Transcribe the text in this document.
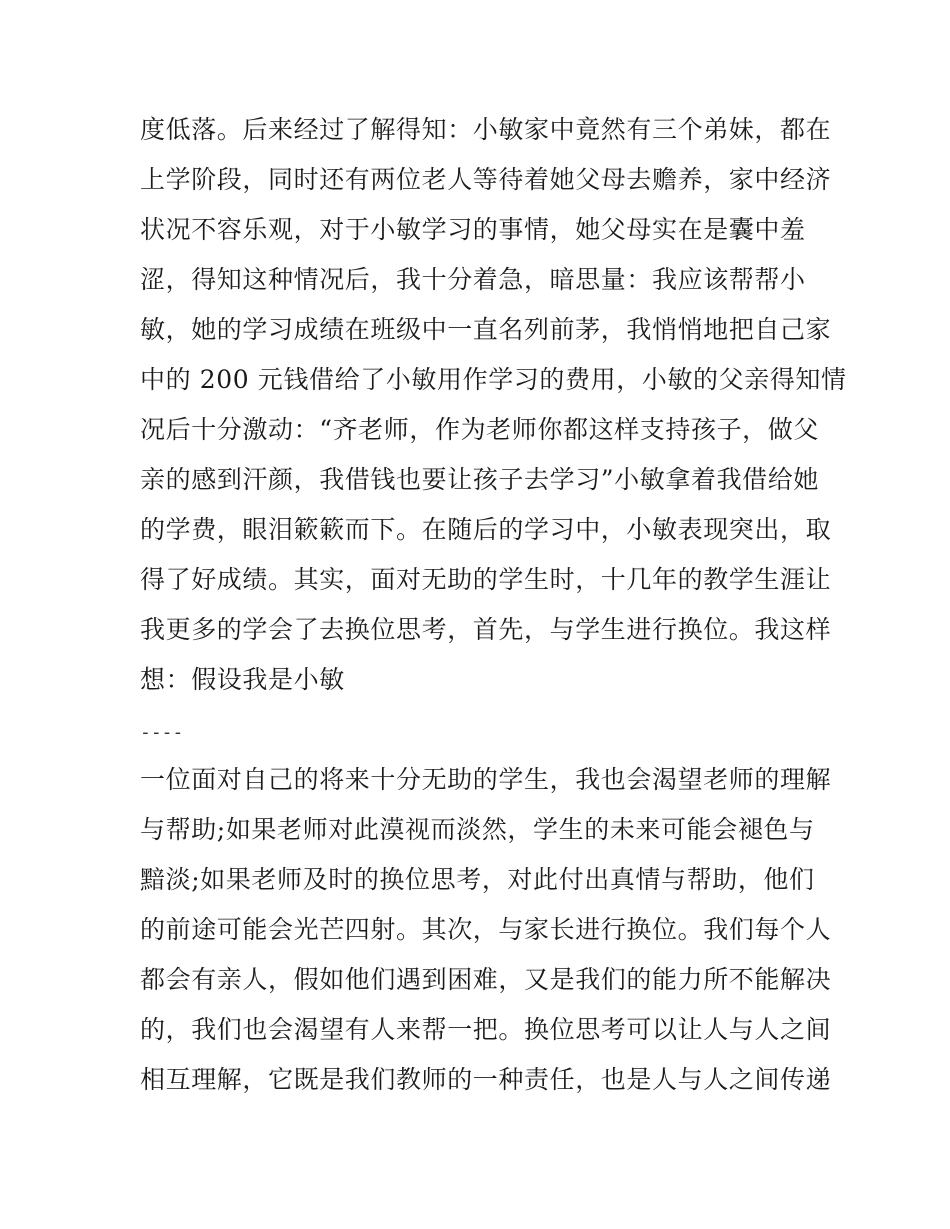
度低落。后来经过了解得知：小敏家中竟然有三个弟妹，都在
上学阶段，同时还有两位老人等待着她父母去赡养，家中经济
状况不容乐观，对于小敏学习的事情，她父母实在是囊中羞
涩，得知这种情况后，我十分着急，暗思量：我应该帮帮小
敏，她的学习成绩在班级中一直名列前茅，我悄悄地把自己家
中的 200 元钱借给了小敏用作学习的费用，小敏的父亲得知情
况后十分激动：“齐老师，作为老师你都这样支持孩子，做父
亲的感到汗颜，我借钱也要让孩子去学习”小敏拿着我借给她
的学费，眼泪簌簌而下。在随后的学习中，小敏表现突出，取
得了好成绩。其实，面对无助的学生时，十几年的教学生涯让
我更多的学会了去换位思考，首先，与学生进行换位。我这样
想：假设我是小敏
----
一位面对自己的将来十分无助的学生，我也会渴望老师的理解
与帮助;如果老师对此漠视而淡然，学生的未来可能会褪色与
黯淡;如果老师及时的换位思考，对此付出真情与帮助，他们
的前途可能会光芒四射。其次，与家长进行换位。我们每个人
都会有亲人，假如他们遇到困难，又是我们的能力所不能解决
的，我们也会渴望有人来帮一把。换位思考可以让人与人之间
相互理解，它既是我们教师的一种责任，也是人与人之间传递
